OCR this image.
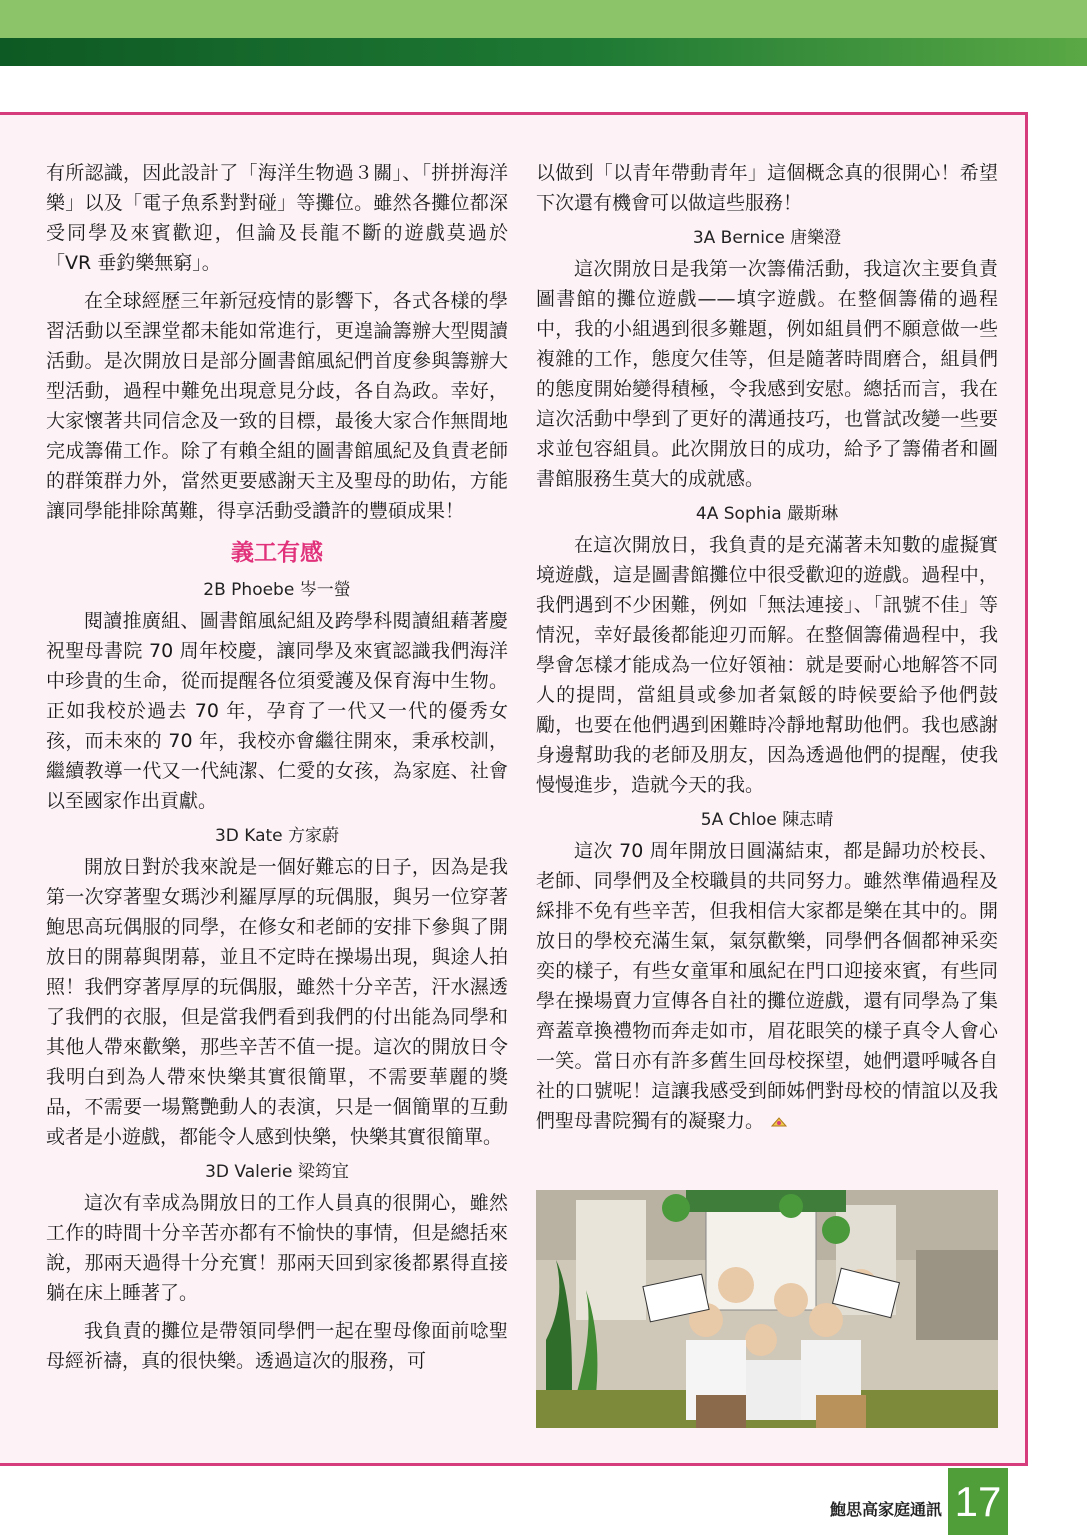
有所認識，因此設計了「海洋生物過３關」、「拼拼海洋樂」以及「電子魚系對對碰」等攤位。雖然各攤位都深受同學及來賓歡迎，但論及長龍不斷的遊戲莫過於「VR 垂釣樂無窮」。

在全球經歷三年新冠疫情的影響下，各式各樣的學習活動以至課堂都未能如常進行，更遑論籌辦大型閱讀活動。是次開放日是部分圖書館風紀們首度參與籌辦大型活動，過程中難免出現意見分歧，各自為政。幸好，大家懷著共同信念及一致的目標，最後大家合作無間地完成籌備工作。除了有賴全組的圖書館風紀及負責老師的群策群力外，當然更要感謝天主及聖母的助佑，方能讓同學能排除萬難，得享活動受讚許的豐碩成果！

義工有感
2B Phoebe 岑一螢

閱讀推廣組、圖書館風紀組及跨學科閱讀組藉著慶祝聖母書院 70 周年校慶，讓同學及來賓認識我們海洋中珍貴的生命，從而提醒各位須愛護及保育海中生物。正如我校於過去 70 年，孕育了一代又一代的優秀女孩，而未來的 70 年，我校亦會繼往開來，秉承校訓，繼續教導一代又一代純潔、仁愛的女孩，為家庭、社會以至國家作出貢獻。

3D Kate 方家蔚

開放日對於我來說是一個好難忘的日子，因為是我第一次穿著聖女瑪沙利羅厚厚的玩偶服，與另一位穿著鮑思高玩偶服的同學，在修女和老師的安排下參與了開放日的開幕與閉幕，並且不定時在操場出現，與途人拍照！我們穿著厚厚的玩偶服，雖然十分辛苦，汗水濕透了我們的衣服，但是當我們看到我們的付出能為同學和其他人帶來歡樂，那些辛苦不值一提。這次的開放日令我明白到為人帶來快樂其實很簡單，不需要華麗的獎品，不需要一場驚艷動人的表演，只是一個簡單的互動或者是小遊戲，都能令人感到快樂，快樂其實很簡單。

3D Valerie 梁筠宜

這次有幸成為開放日的工作人員真的很開心，雖然工作的時間十分辛苦亦都有不愉快的事情，但是總括來說，那兩天過得十分充實！那兩天回到家後都累得直接躺在床上睡著了。

我負責的攤位是帶領同學們一起在聖母像面前唸聖母經祈禱，真的很快樂。透過這次的服務，可

以做到「以青年帶動青年」這個概念真的很開心！希望下次還有機會可以做這些服務！

3A Bernice 唐樂澄

這次開放日是我第一次籌備活動，我這次主要負責圖書館的攤位遊戲——填字遊戲。在整個籌備的過程中，我的小組遇到很多難題，例如組員們不願意做一些複雜的工作，態度欠佳等，但是隨著時間磨合，組員們的態度開始變得積極，令我感到安慰。總括而言，我在這次活動中學到了更好的溝通技巧，也嘗試改變一些要求並包容組員。此次開放日的成功，給予了籌備者和圖書館服務生莫大的成就感。

4A Sophia 嚴斯琳

在這次開放日，我負責的是充滿著未知數的虛擬實境遊戲，這是圖書館攤位中很受歡迎的遊戲。過程中，我們遇到不少困難，例如「無法連接」、「訊號不佳」等情況，幸好最後都能迎刃而解。在整個籌備過程中，我學會怎樣才能成為一位好領袖：就是要耐心地解答不同人的提問，當組員或參加者氣餒的時候要給予他們鼓勵，也要在他們遇到困難時冷靜地幫助他們。我也感謝身邊幫助我的老師及朋友，因為透過他們的提醒，使我慢慢進步，造就今天的我。

5A Chloe 陳志晴

這次 70 周年開放日圓滿結束，都是歸功於校長、老師、同學們及全校職員的共同努力。雖然準備過程及綵排不免有些辛苦，但我相信大家都是樂在其中的。開放日的學校充滿生氣，氣氛歡樂，同學們各個都神采奕奕的樣子，有些女童軍和風紀在門口迎接來賓，有些同學在操場賣力宣傳各自社的攤位遊戲，還有同學為了集齊蓋章換禮物而奔走如市，眉花眼笑的樣子真令人會心一笑。當日亦有許多舊生回母校探望，她們還呼喊各自社的口號呢！這讓我感受到師姊們對母校的情誼以及我們聖母書院獨有的凝聚力。

鮑思高家庭通訊 17
